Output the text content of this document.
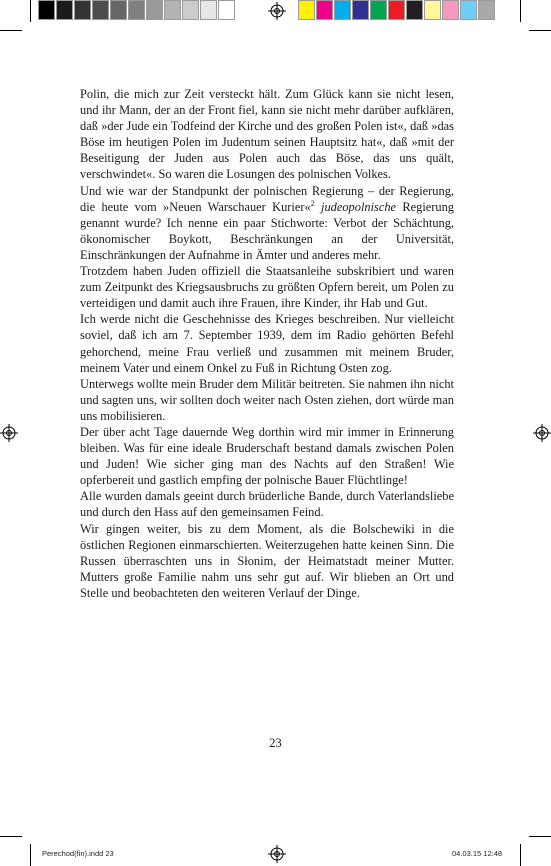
Polin, die mich zur Zeit versteckt hält. Zum Glück kann sie nicht lesen, und ihr Mann, der an der Front fiel, kann sie nicht mehr darüber aufklären, daß »der Jude ein Todfeind der Kirche und des großen Polen ist«, daß »das Böse im heutigen Polen im Judentum seinen Hauptsitz hat«, daß »mit der Beseitigung der Juden aus Polen auch das Böse, das uns quält, verschwindet«. So waren die Losungen des polnischen Volkes.

Und wie war der Standpunkt der polnischen Regierung – der Regierung, die heute vom »Neuen Warschauer Kurier«$^2$ judeopolnische Regierung genannt wurde? Ich nenne ein paar Stichworte: Verbot der Schächtung, ökonomischer Boykott, Beschränkungen an der Universität, Einschränkungen der Aufnahme in Ämter und anderes mehr.

Trotzdem haben Juden offiziell die Staatsanleihe subskribiert und waren zum Zeitpunkt des Kriegsausbruchs zu größten Opfern bereit, um Polen zu verteidigen und damit auch ihre Frauen, ihre Kinder, ihr Hab und Gut.

Ich werde nicht die Geschehnisse des Krieges beschreiben. Nur vielleicht soviel, daß ich am 7. September 1939, dem im Radio gehörten Befehl gehorchend, meine Frau verließ und zusammen mit meinem Bruder, meinem Vater und einem Onkel zu Fuß in Richtung Osten zog.

Unterwegs wollte mein Bruder dem Militär beitreten. Sie nahmen ihn nicht und sagten uns, wir sollten doch weiter nach Osten ziehen, dort würde man uns mobilisieren.

Der über acht Tage dauernde Weg dorthin wird mir immer in Erinnerung bleiben. Was für eine ideale Bruderschaft bestand damals zwischen Polen und Juden! Wie sicher ging man des Nachts auf den Straßen! Wie opferbereit und gastlich empfing der polnische Bauer Flüchtlinge!

Alle wurden damals geeint durch brüderliche Bande, durch Vaterlandsliebe und durch den Hass auf den gemeinsamen Feind.

Wir gingen weiter, bis zu dem Moment, als die Bolschewiki in die östlichen Regionen einmarschierten. Weiterzugehen hatte keinen Sinn. Die Russen überraschten uns in Słonim, der Heimatstadt meiner Mutter. Mutters große Familie nahm uns sehr gut auf. Wir blieben an Ort und Stelle und beobachteten den weiteren Verlauf der Dinge.

23
Perechod(fin).indd 23	04.03.15 12:48
